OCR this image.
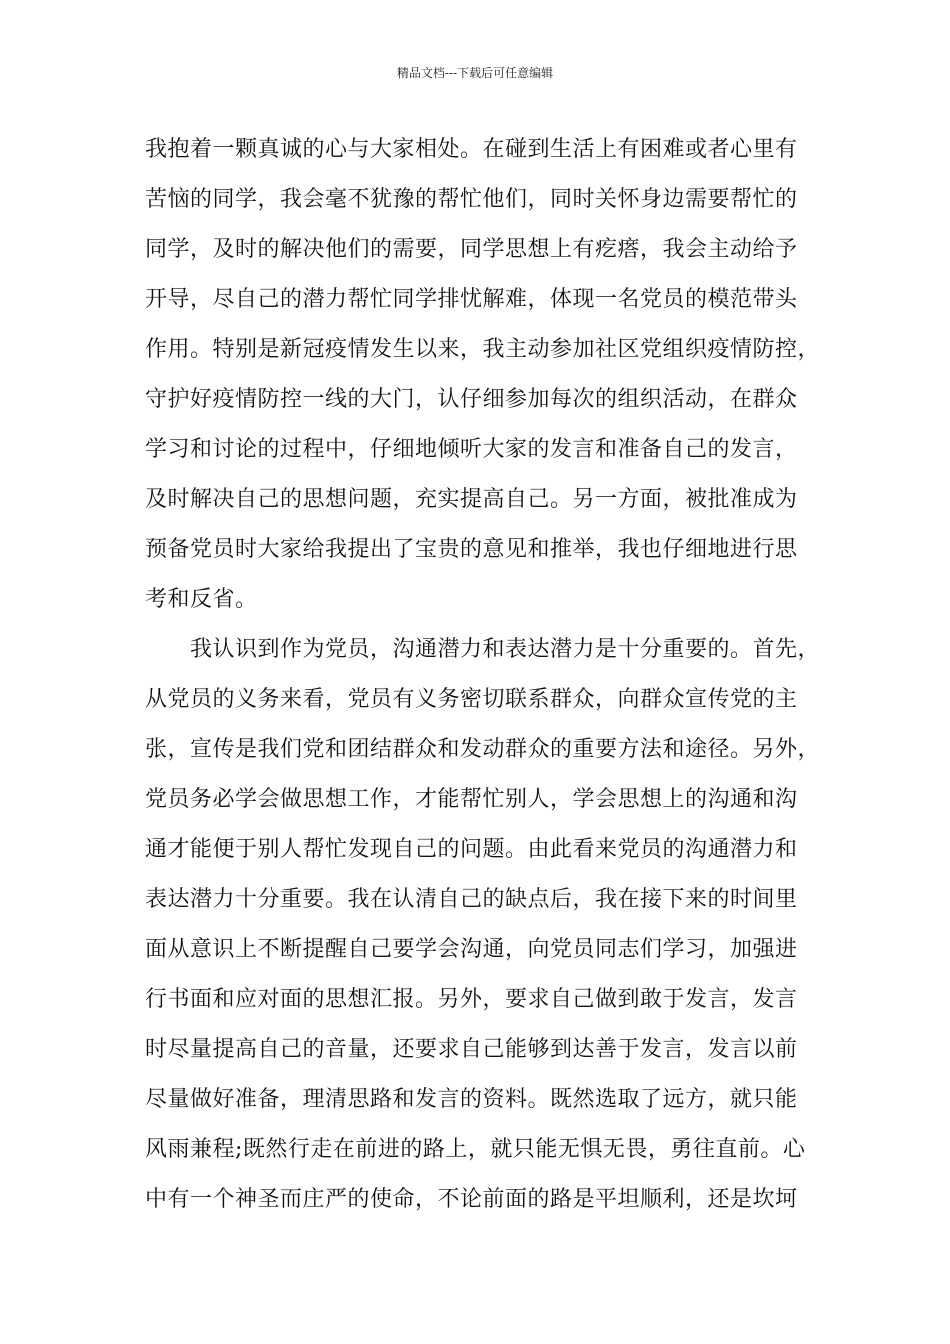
精品文档---下载后可任意编辑
我抱着一颗真诚的心与大家相处。在碰到生活上有困难或者心里有
苦恼的同学，我会毫不犹豫的帮忙他们，同时关怀身边需要帮忙的
同学，及时的解决他们的需要，同学思想上有疙瘩，我会主动给予
开导，尽自己的潜力帮忙同学排忧解难，体现一名党员的模范带头
作用。特别是新冠疫情发生以来，我主动参加社区党组织疫情防控，
守护好疫情防控一线的大门，认仔细参加每次的组织活动，在群众
学习和讨论的过程中，仔细地倾听大家的发言和准备自己的发言，
及时解决自己的思想问题，充实提高自己。另一方面，被批准成为
预备党员时大家给我提出了宝贵的意见和推举，我也仔细地进行思
考和反省。
我认识到作为党员，沟通潜力和表达潜力是十分重要的。首先，
从党员的义务来看，党员有义务密切联系群众，向群众宣传党的主
张，宣传是我们党和团结群众和发动群众的重要方法和途径。另外，
党员务必学会做思想工作，才能帮忙别人，学会思想上的沟通和沟
通才能便于别人帮忙发现自己的问题。由此看来党员的沟通潜力和
表达潜力十分重要。我在认清自己的缺点后，我在接下来的时间里
面从意识上不断提醒自己要学会沟通，向党员同志们学习，加强进
行书面和应对面的思想汇报。另外，要求自己做到敢于发言，发言
时尽量提高自己的音量，还要求自己能够到达善于发言，发言以前
尽量做好准备，理清思路和发言的资料。既然选取了远方，就只能
风雨兼程;既然行走在前进的路上，就只能无惧无畏，勇往直前。心
中有一个神圣而庄严的使命，不论前面的路是平坦顺利，还是坎坷
